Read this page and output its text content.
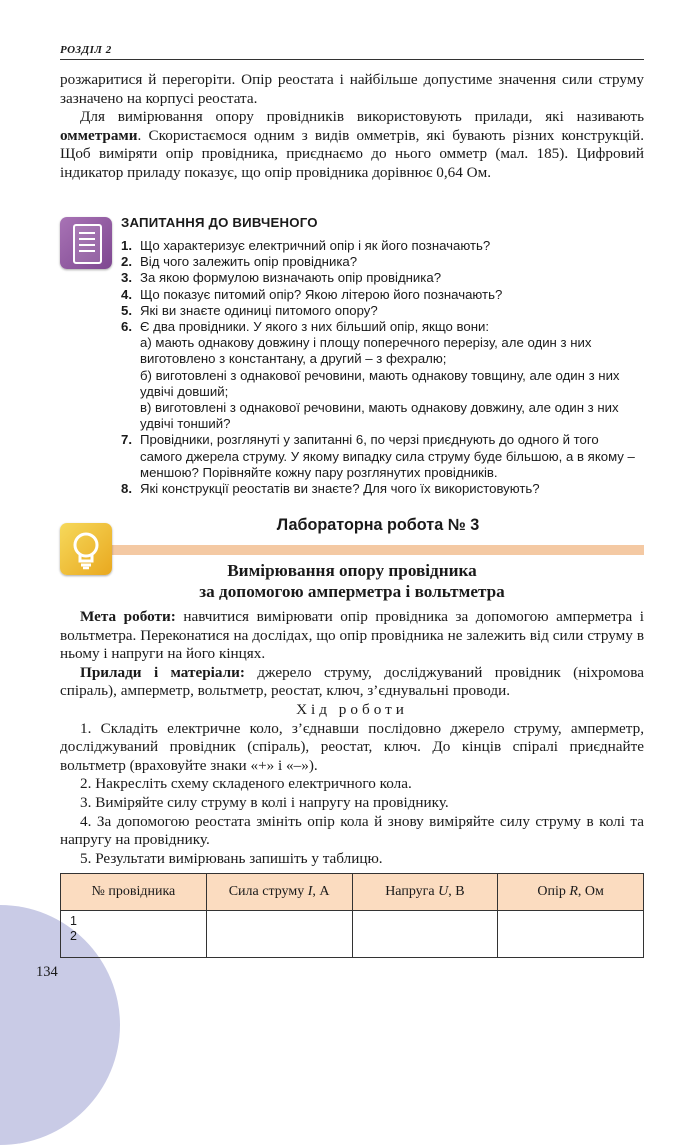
РОЗДІЛ 2

розжаритися й перегоріти. Опір реостата і найбільше допустиме значення сили струму зазначено на корпусі реостата.

Для вимірювання опору провідників використовують прилади, які називають омметрами. Скористаємося одним з видів омметрів, які бувають різних конструкцій. Щоб виміряти опір провідника, приєднаємо до нього омметр (мал. 185). Цифровий індикатор приладу показує, що опір провідника дорівнює 0,64 Ом.

ЗАПИТАННЯ ДО ВИВЧЕНОГО
1. Що характеризує електричний опір і як його позначають?
2. Від чого залежить опір провідника?
3. За якою формулою визначають опір провідника?
4. Що показує питомий опір? Якою літерою його позначають?
5. Які ви знаєте одиниці питомого опору?
6. Є два провідники. У якого з них більший опір, якщо вони:
а) мають однакову довжину і площу поперечного перерізу, але один з них виготовлено з константану, а другий – з фехралю;
б) виготовлені з однакової речовини, мають однакову товщину, але один з них удвічі довший;
в) виготовлені з однакової речовини, мають однакову довжину, але один з них удвічі тонший?
7. Провідники, розглянуті у запитанні 6, по черзі приєднують до одного й того самого джерела струму. У якому випадку сила струму буде більшою, а в якому – меншою? Порівняйте кожну пару розглянутих провідників.
8. Які конструкції реостатів ви знаєте? Для чого їх використовують?
Лабораторна робота № 3
Вимірювання опору провідника
за допомогою амперметра і вольтметра

Мета роботи: навчитися вимірювати опір провідника за допомогою амперметра і вольтметра. Переконатися на дослідах, що опір провідника не залежить від сили струму в ньому і напруги на його кінцях.

Прилади і матеріали: джерело струму, досліджуваний провідник (ніхромова спіраль), амперметр, вольтметр, реостат, ключ, з’єднувальні проводи.

Хід роботи

1. Складіть електричне коло, з’єднавши послідовно джерело струму, амперметр, досліджуваний провідник (спіраль), реостат, ключ. До кінців спіралі приєднайте вольтметр (враховуйте знаки «+» і «–»).

2. Накресліть схему складеного електричного кола.

3. Виміряйте силу струму в колі і напругу на провіднику.

4. За допомогою реостата змініть опір кола й знову виміряйте силу струму в колі та напругу на провіднику.

5. Результати вимірювань запишіть у таблицю.

№ провідника	Сила струму I, А	Напруга U, В	Опір R, Ом

1
2			

134
